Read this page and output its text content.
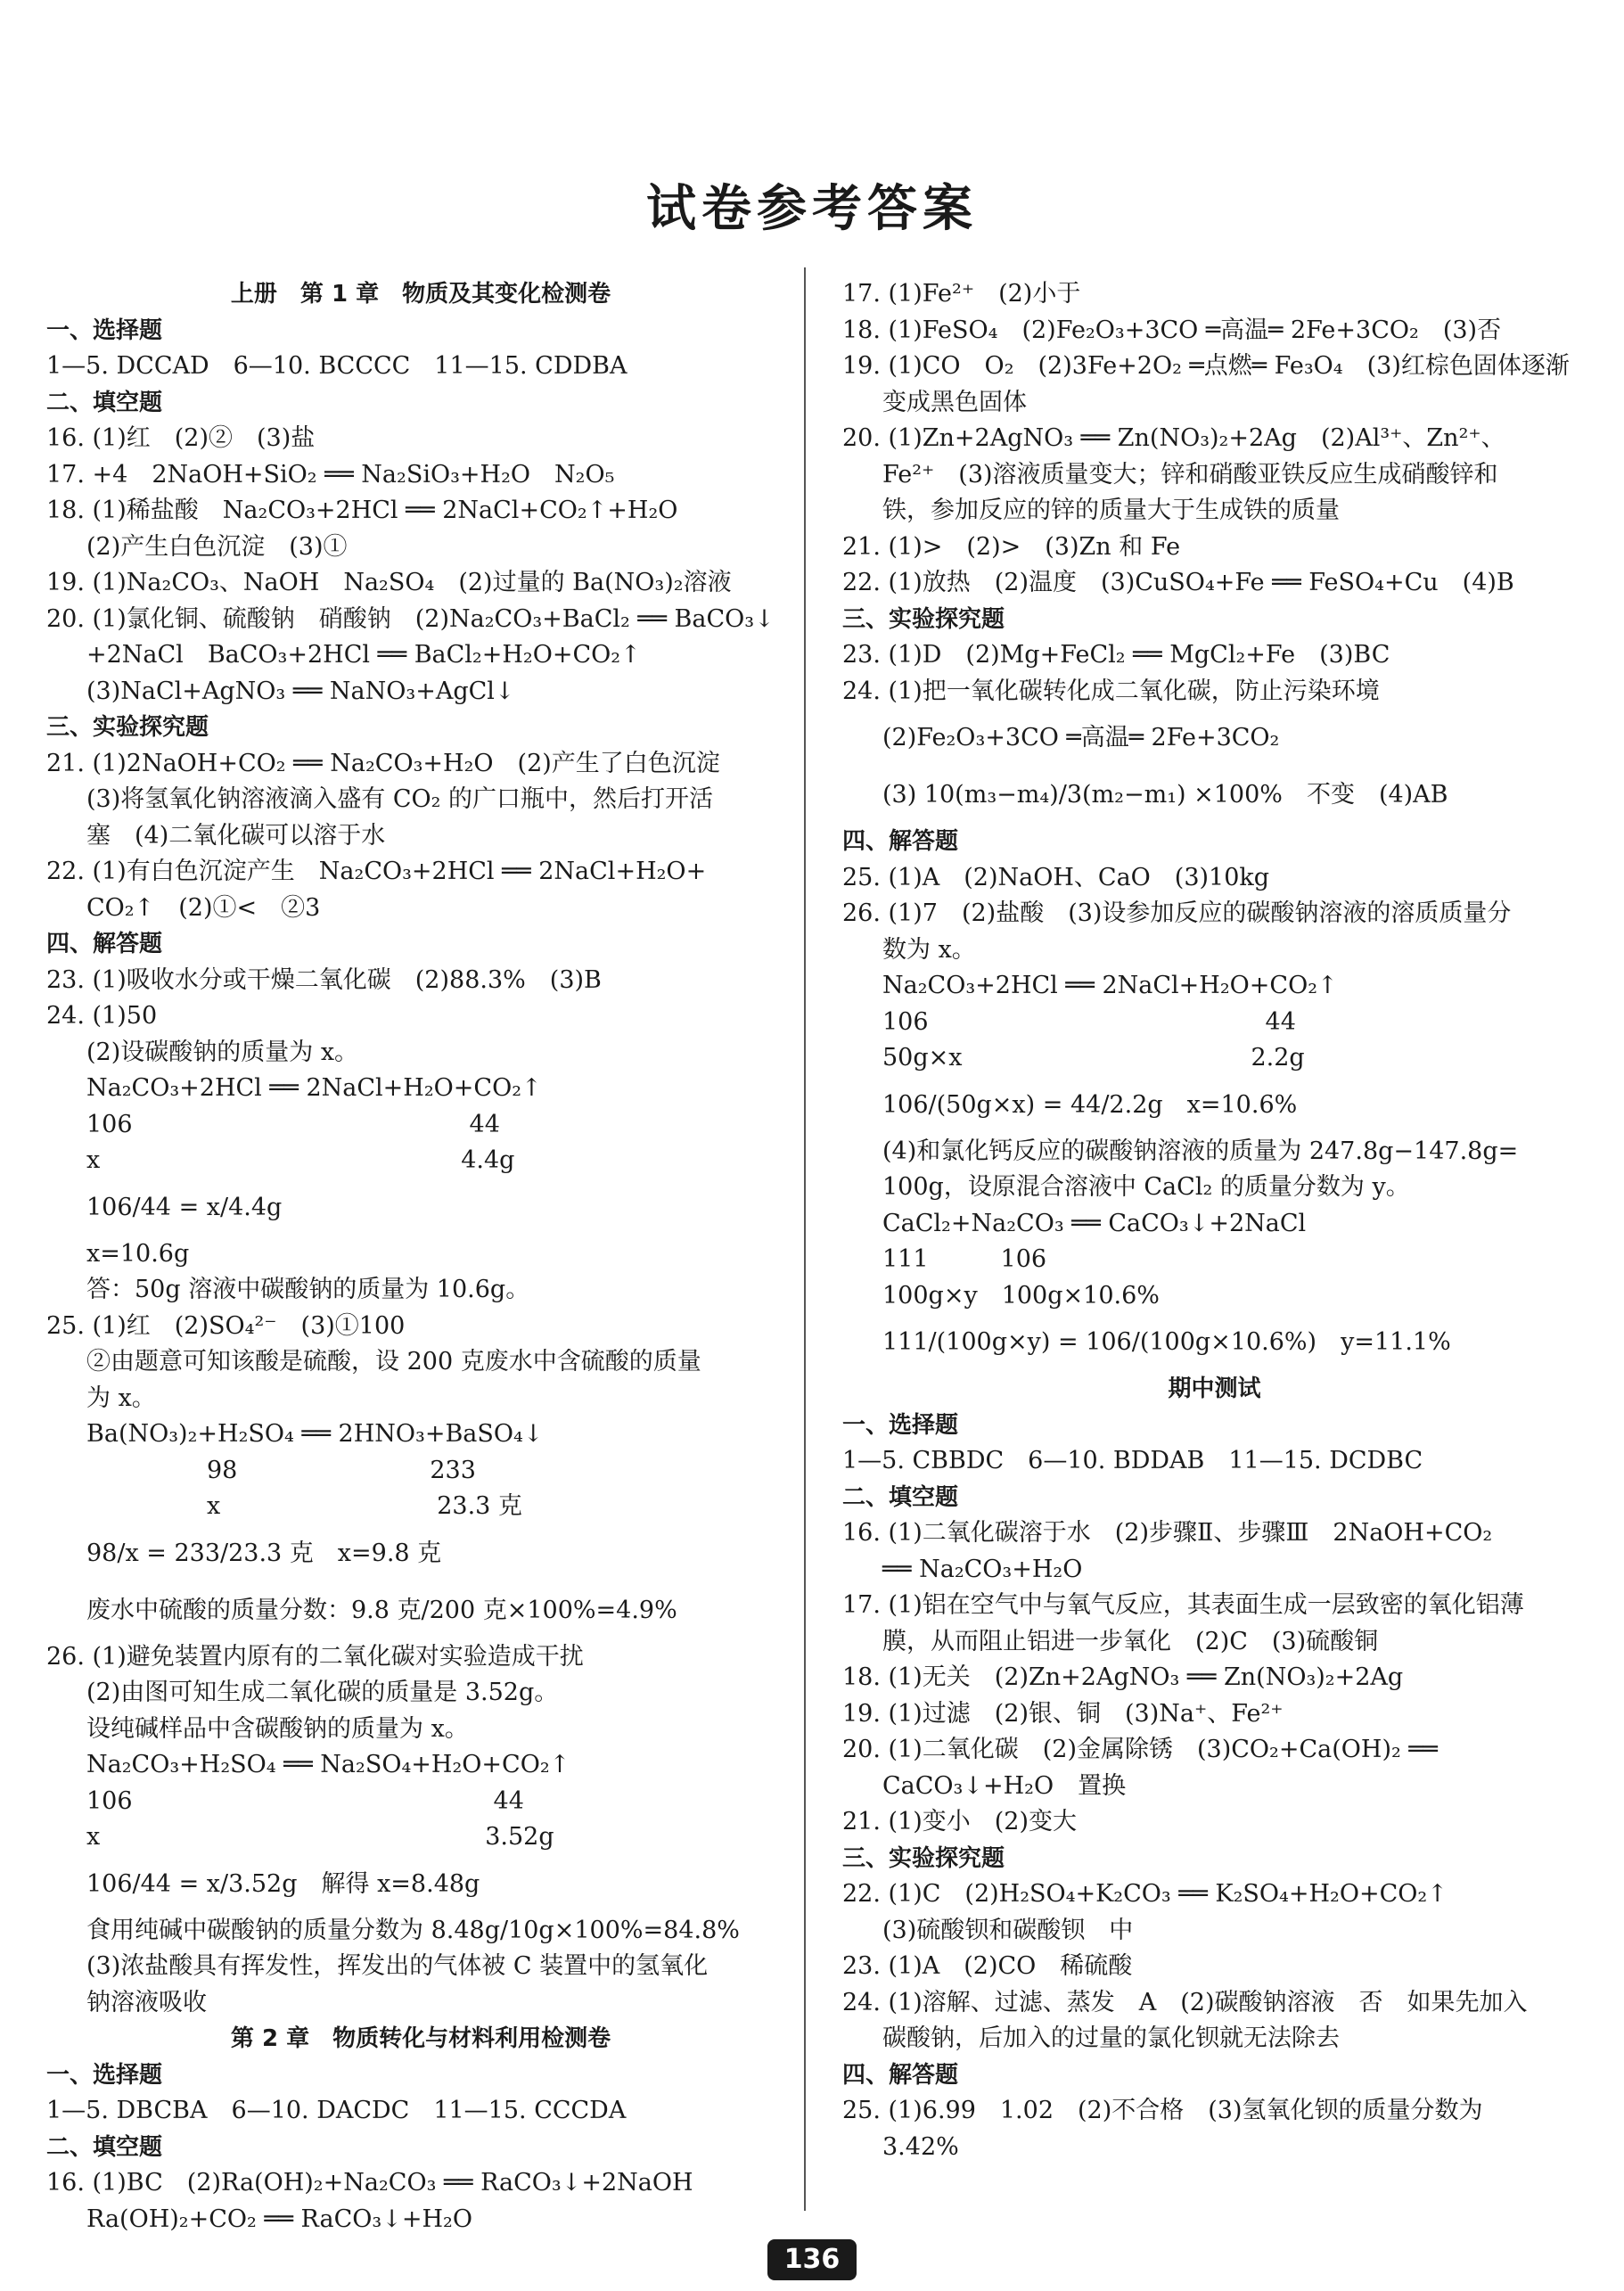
试卷参考答案
上册　第 1 章　物质及其变化检测卷
一、选择题
1—5. DCCAD　6—10. BCCCC　11—15. CDDBA
二、填空题
16. (1)红　(2)②　(3)盐
17. +4　2NaOH+SiO₂ ══ Na₂SiO₃+H₂O　N₂O₅
18. (1)稀盐酸　Na₂CO₃+2HCl ══ 2NaCl+CO₂↑+H₂O
(2)产生白色沉淀　(3)①
19. (1)Na₂CO₃、NaOH　Na₂SO₄　(2)过量的 Ba(NO₃)₂溶液
20. (1)氯化铜、硫酸钠　硝酸钠　(2)Na₂CO₃+BaCl₂ ══ BaCO₃↓
+2NaCl　BaCO₃+2HCl ══ BaCl₂+H₂O+CO₂↑
(3)NaCl+AgNO₃ ══ NaNO₃+AgCl↓
三、实验探究题
21. (1)2NaOH+CO₂ ══ Na₂CO₃+H₂O　(2)产生了白色沉淀
(3)将氢氧化钠溶液滴入盛有 CO₂ 的广口瓶中，然后打开活
塞　(4)二氧化碳可以溶于水
22. (1)有白色沉淀产生　Na₂CO₃+2HCl ══ 2NaCl+H₂O+
CO₂↑　(2)①<　②3
四、解答题
23. (1)吸收水分或干燥二氧化碳　(2)88.3%　(3)B
24. (1)50
(2)设碳酸钠的质量为 x。
Na₂CO₃+2HCl ══ 2NaCl+H₂O+CO₂↑
106　　　　　　　　　　　　　　44
x　　　　　　　　　　　　　　　4.4g
106/44 = x/4.4g
x=10.6g
答：50g 溶液中碳酸钠的质量为 10.6g。
25. (1)红　(2)SO₄²⁻　(3)①100
②由题意可知该酸是硫酸，设 200 克废水中含硫酸的质量
为 x。
Ba(NO₃)₂+H₂SO₄ ══ 2HNO₃+BaSO₄↓
　　　　　98　　　　　　　　233
　　　　　x　　　　　　　　　23.3 克
98/x = 233/23.3 克　x=9.8 克
废水中硫酸的质量分数：9.8 克/200 克×100%=4.9%
26. (1)避免装置内原有的二氧化碳对实验造成干扰
(2)由图可知生成二氧化碳的质量是 3.52g。
设纯碱样品中含碳酸钠的质量为 x。
Na₂CO₃+H₂SO₄ ══ Na₂SO₄+H₂O+CO₂↑
106　　　　　　　　　　　　　　　44
x　　　　　　　　　　　　　　　　3.52g
106/44 = x/3.52g　解得 x=8.48g
食用纯碱中碳酸钠的质量分数为 8.48g/10g×100%=84.8%
(3)浓盐酸具有挥发性，挥发出的气体被 C 装置中的氢氧化
钠溶液吸收
第 2 章　物质转化与材料利用检测卷
一、选择题
1—5. DBCBA　6—10. DACDC　11—15. CCCDA
二、填空题
16. (1)BC　(2)Ra(OH)₂+Na₂CO₃ ══ RaCO₃↓+2NaOH
Ra(OH)₂+CO₂ ══ RaCO₃↓+H₂O
17. (1)Fe²⁺　(2)小于
18. (1)FeSO₄　(2)Fe₂O₃+3CO ═高温═ 2Fe+3CO₂　(3)否
19. (1)CO　O₂　(2)3Fe+2O₂ ═点燃═ Fe₃O₄　(3)红棕色固体逐渐
变成黑色固体
20. (1)Zn+2AgNO₃ ══ Zn(NO₃)₂+2Ag　(2)Al³⁺、Zn²⁺、
Fe²⁺　(3)溶液质量变大；锌和硝酸亚铁反应生成硝酸锌和
铁，参加反应的锌的质量大于生成铁的质量
21. (1)>　(2)>　(3)Zn 和 Fe
22. (1)放热　(2)温度　(3)CuSO₄+Fe ══ FeSO₄+Cu　(4)B
三、实验探究题
23. (1)D　(2)Mg+FeCl₂ ══ MgCl₂+Fe　(3)BC
24. (1)把一氧化碳转化成二氧化碳，防止污染环境
(2)Fe₂O₃+3CO ═高温═ 2Fe+3CO₂
(3) 10(m₃−m₄)/3(m₂−m₁) ×100%　不变　(4)AB
四、解答题
25. (1)A　(2)NaOH、CaO　(3)10kg
26. (1)7　(2)盐酸　(3)设参加反应的碳酸钠溶液的溶质质量分
数为 x。
Na₂CO₃+2HCl ══ 2NaCl+H₂O+CO₂↑
106　　　　　　　　　　　　　　44
50g×x　　　　　　　　　　　　2.2g
106/(50g×x) = 44/2.2g　x=10.6%
(4)和氯化钙反应的碳酸钠溶液的质量为 247.8g−147.8g=
100g，设原混合溶液中 CaCl₂ 的质量分数为 y。
CaCl₂+Na₂CO₃ ══ CaCO₃↓+2NaCl
111　　　106
100g×y　100g×10.6%
111/(100g×y) = 106/(100g×10.6%)　y=11.1%
期中测试
一、选择题
1—5. CBBDC　6—10. BDDAB　11—15. DCDBC
二、填空题
16. (1)二氧化碳溶于水　(2)步骤Ⅱ、步骤Ⅲ　2NaOH+CO₂
══ Na₂CO₃+H₂O
17. (1)铝在空气中与氧气反应，其表面生成一层致密的氧化铝薄
膜，从而阻止铝进一步氧化　(2)C　(3)硫酸铜
18. (1)无关　(2)Zn+2AgNO₃ ══ Zn(NO₃)₂+2Ag
19. (1)过滤　(2)银、铜　(3)Na⁺、Fe²⁺
20. (1)二氧化碳　(2)金属除锈　(3)CO₂+Ca(OH)₂ ══
CaCO₃↓+H₂O　置换
21. (1)变小　(2)变大
三、实验探究题
22. (1)C　(2)H₂SO₄+K₂CO₃ ══ K₂SO₄+H₂O+CO₂↑
(3)硫酸钡和碳酸钡　中
23. (1)A　(2)CO　稀硫酸
24. (1)溶解、过滤、蒸发　A　(2)碳酸钠溶液　否　如果先加入
碳酸钠，后加入的过量的氯化钡就无法除去
四、解答题
25. (1)6.99　1.02　(2)不合格　(3)氢氧化钡的质量分数为
3.42%
136
